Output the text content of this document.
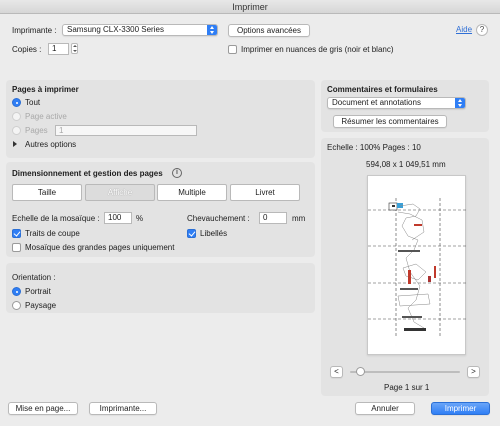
Imprimer
Imprimante :	Samsung CLX-3300 Series	Options avancées	Aide ?
Copies :	1	Imprimer en nuances de gris (noir et blanc)
Pages à imprimer
Tout
Page active
Pages	1
Autres options
Commentaires et formulaires
Document et annotations
Résumer les commentaires
Dimensionnement et gestion des pages	i
Taille	Affiche	Multiple	Livret
Echelle de la mosaïque :	100	%	Chevauchement :	0	mm
Traits de coupe	Libellés
Mosaïque des grandes pages uniquement
Orientation :
Portrait
Paysage
Echelle : 100% Pages : 10
594,08 x 1 049,51 mm
<	>
Page 1 sur 1
Mise en page...	Imprimante...	Annuler	Imprimer
